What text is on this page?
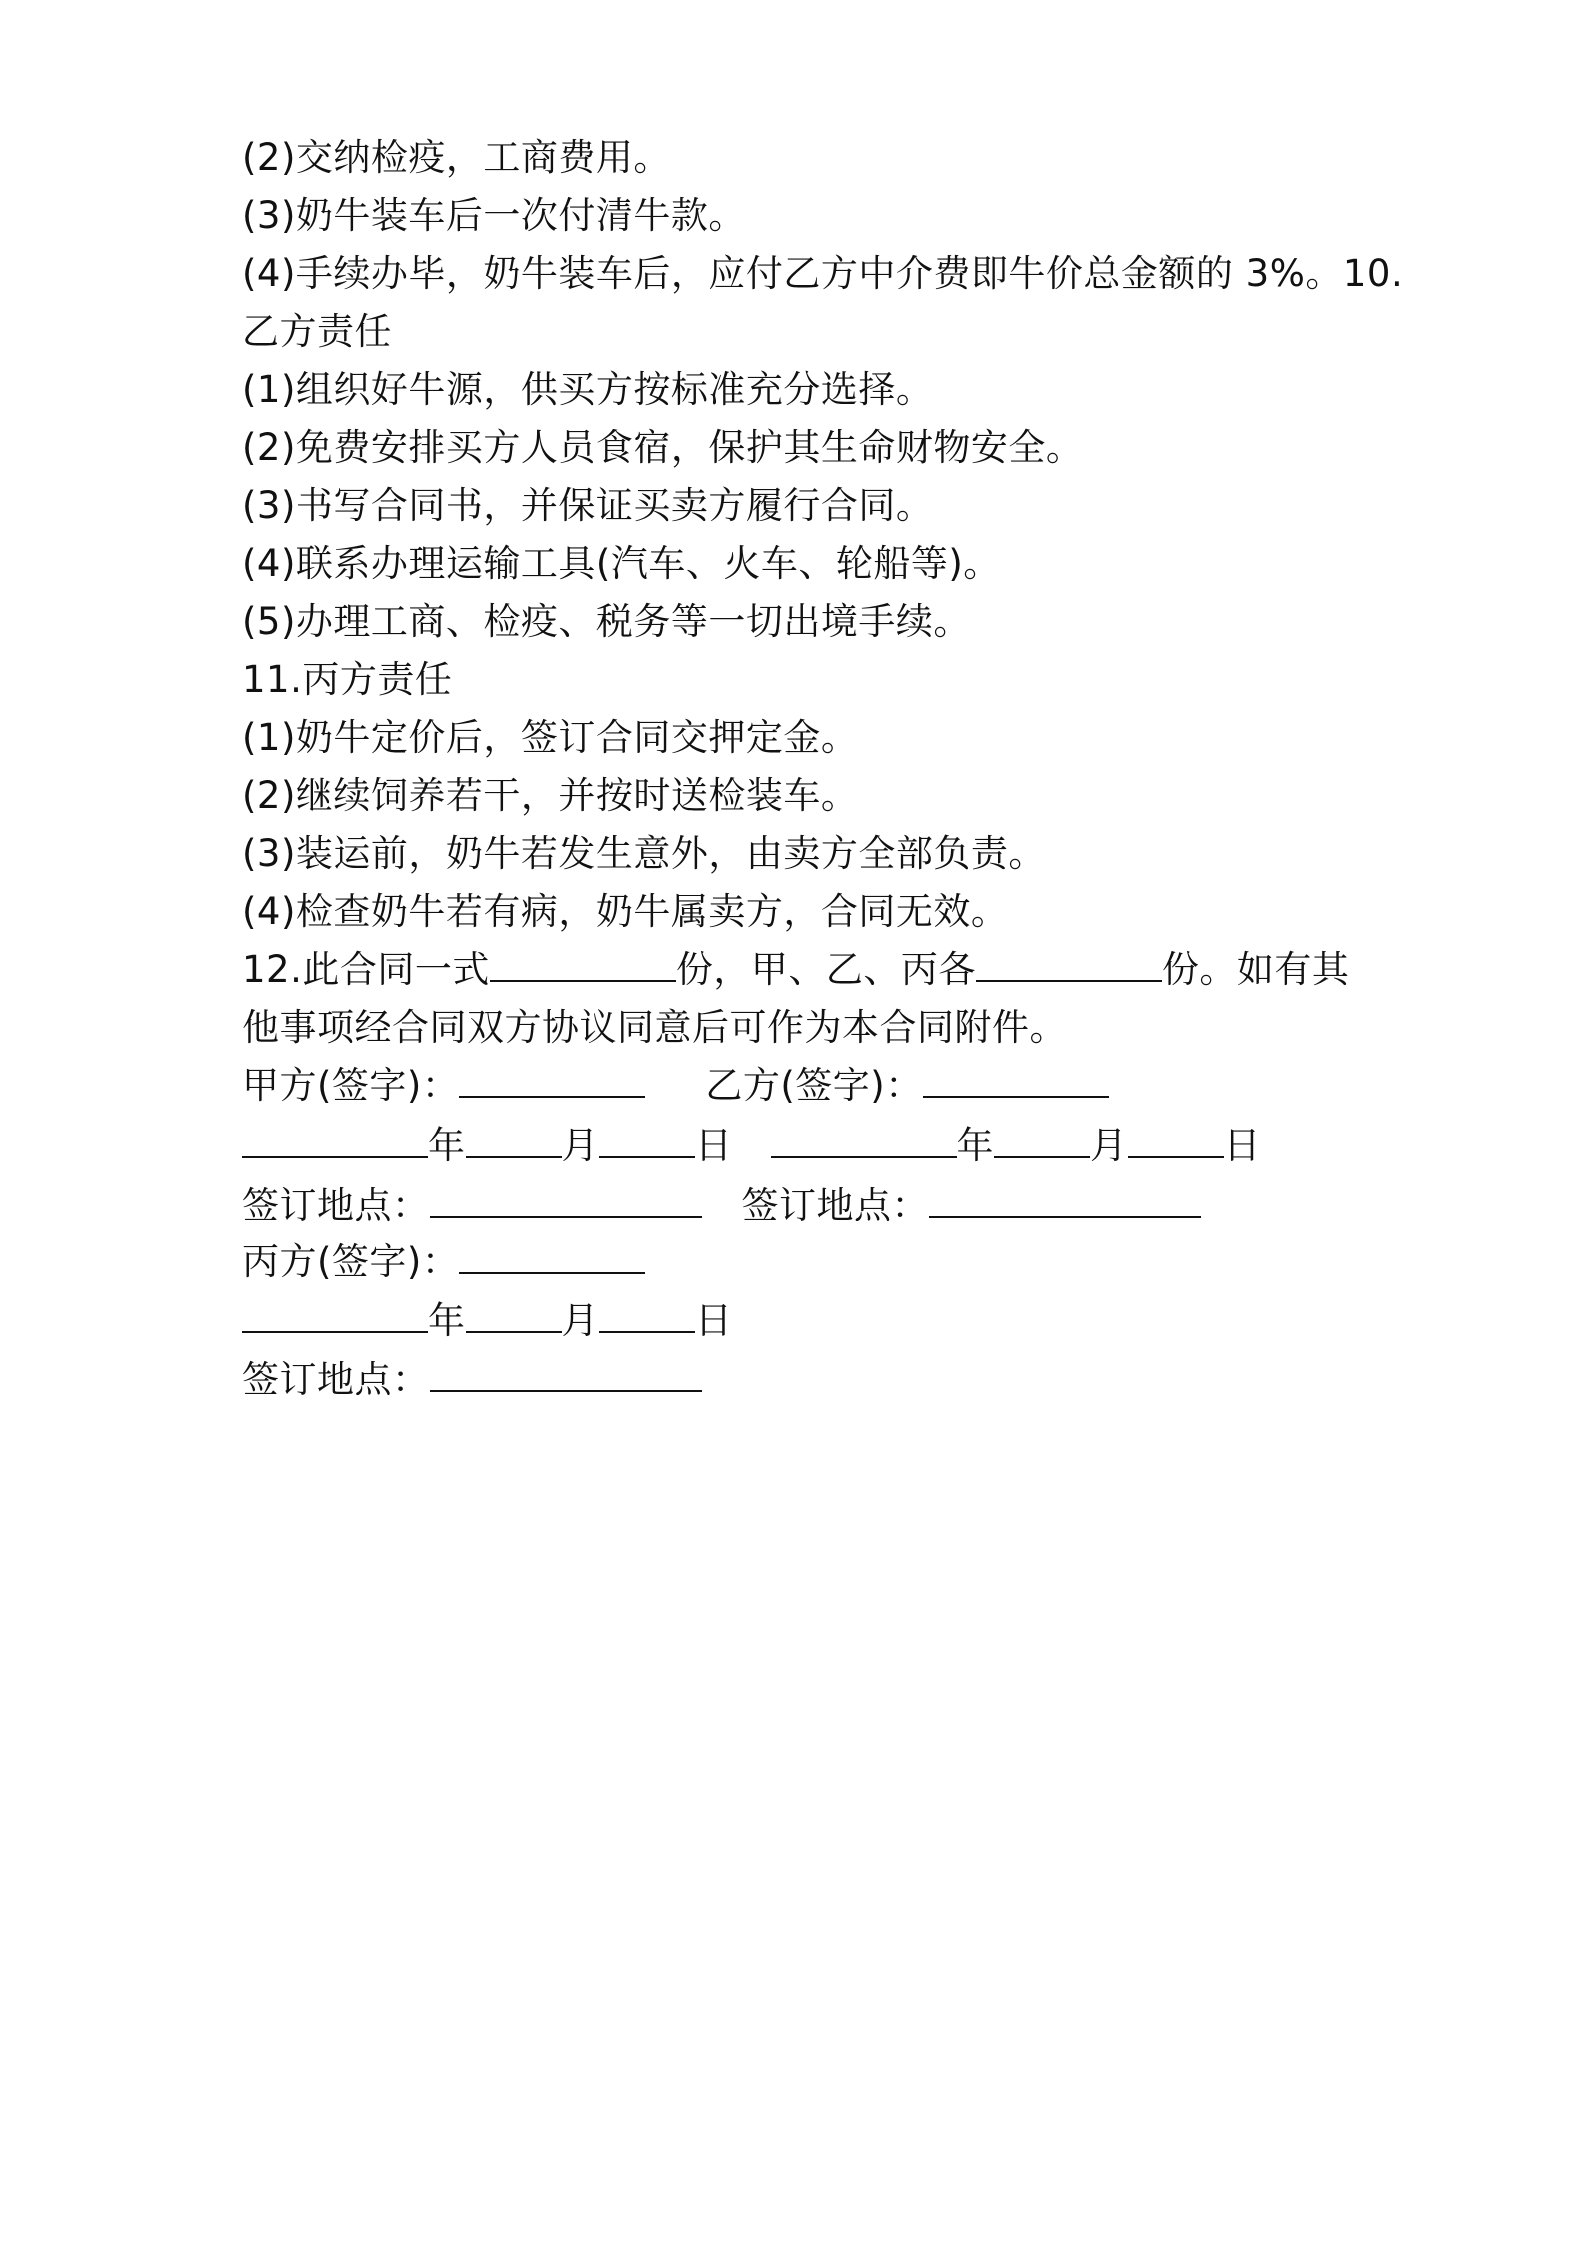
(2)交纳检疫，工商费用。
(3)奶牛装车后一次付清牛款。
(4)手续办毕，奶牛装车后，应付乙方中介费即牛价总金额的 3%。10.
乙方责任
(1)组织好牛源，供买方按标准充分选择。
(2)免费安排买方人员食宿，保护其生命财物安全。
(3)书写合同书，并保证买卖方履行合同。
(4)联系办理运输工具(汽车、火车、轮船等)。
(5)办理工商、检疫、税务等一切出境手续。
11.丙方责任
(1)奶牛定价后，签订合同交押定金。
(2)继续饲养若干，并按时送检装车。
(3)装运前，奶牛若发生意外，由卖方全部负责。
(4)检查奶牛若有病，奶牛属卖方，合同无效。
12.此合同一式	份，甲、乙、丙各	份。如有其
他事项经合同双方协议同意后可作为本合同附件。
甲方(签字)：	乙方(签字)：
年	月	日	年	月	日
签订地点：	签订地点：
丙方(签字)：
年	月	日
签订地点：
